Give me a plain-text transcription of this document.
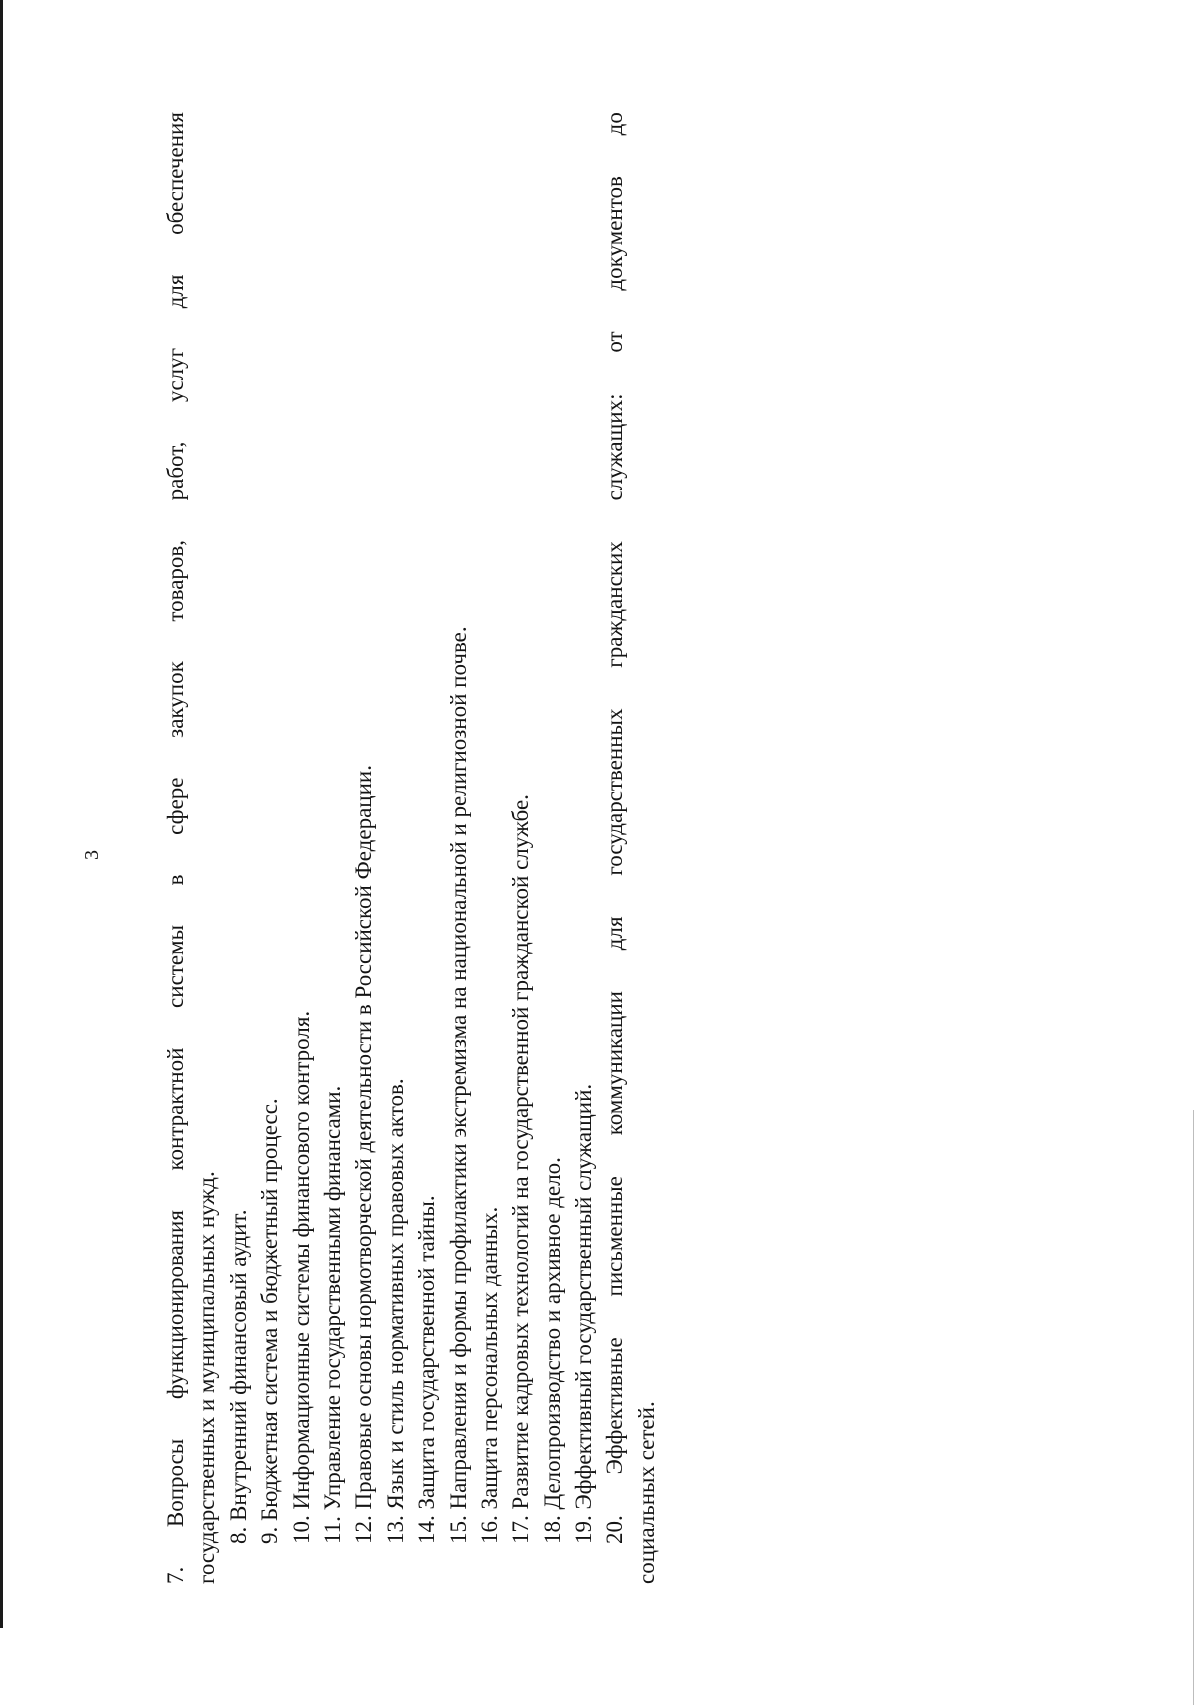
3
7.
Вопросы
функционирования
контрактной
системы
в
сфере
закупок
товаров,
работ,
услуг
для
обеспечения
государственных и муниципальных нужд. 8. Внутренний финансовый аудит. 9. Бюджетная система и бюджетный процесс. 10. Информационные системы финансового контроля. 11. Управление государственными финансами. 12. Правовые основы нормотворческой деятельности в Российской Федерации. 13. Язык и стиль нормативных правовых актов. 14. Защита государственной тайны. 15. Направления и формы профилактики экстремизма на национальной и религиозной почве. 16. Защита персональных данных. 17. Развитие кадровых технологий на государственной гражданской службе. 18. Делопроизводство и архивное дело. 19. Эффективный государственный служащий. 20.
Эффективные
письменные
коммуникации
для
государственных
гражданских
служащих:
от
документов
до
социальных сетей.
